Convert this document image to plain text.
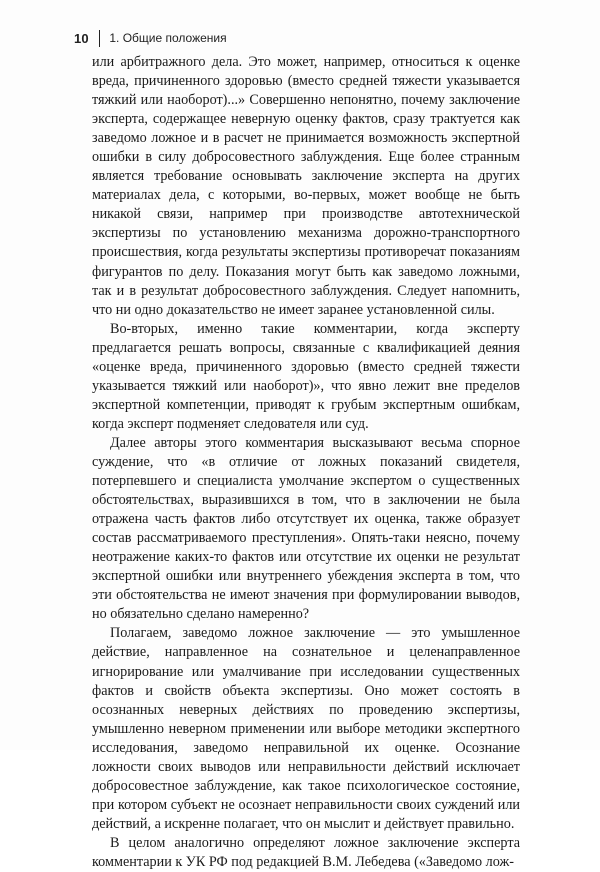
10 1. Общие положения

или арбитражного дела. Это может, например, относиться к оценке вреда, причиненного здоровью (вместо средней тяжести указывается тяжкий или наоборот)...» Совершенно непонятно, почему заключение эксперта, содержащее неверную оценку фактов, сразу трактуется как заведомо ложное и в расчет не принимается возможность экспертной ошибки в силу добросовестного заблуждения. Еще более странным является требование основывать заключение эксперта на других материалах дела, с которыми, во-первых, может вообще не быть никакой связи, например при производстве автотехнической экспертизы по установлению механизма дорожно-транспортного происшествия, когда результаты экспертизы противоречат показаниям фигурантов по делу. Показания могут быть как заведомо ложными, так и в результат добросовестного заблуждения. Следует напомнить, что ни одно доказательство не имеет заранее установленной силы.

Во-вторых, именно такие комментарии, когда эксперту предлагается решать вопросы, связанные с квалификацией деяния «оценке вреда, причиненного здоровью (вместо средней тяжести указывается тяжкий или наоборот)», что явно лежит вне пределов экспертной компетенции, приводят к грубым экспертным ошибкам, когда эксперт подменяет следователя или суд.

Далее авторы этого комментария высказывают весьма спорное суждение, что «в отличие от ложных показаний свидетеля, потерпевшего и специалиста умолчание экспертом о существенных обстоятельствах, выразившихся в том, что в заключении не была отражена часть фактов либо отсутствует их оценка, также образует состав рассматриваемого преступления». Опять-таки неясно, почему неотражение каких-то фактов или отсутствие их оценки не результат экспертной ошибки или внутреннего убеждения эксперта в том, что эти обстоятельства не имеют значения при формулировании выводов, но обязательно сделано намеренно?

Полагаем, заведомо ложное заключение — это умышленное действие, направленное на сознательное и целенаправленное игнорирование или умалчивание при исследовании существенных фактов и свойств объекта экспертизы. Оно может состоять в осознанных неверных действиях по проведению экспертизы, умышленно неверном применении или выборе методики экспертного исследования, заведомо неправильной их оценке. Осознание ложности своих выводов или неправильности действий исключает добросовестное заблуждение, как такое психологическое состояние, при котором субъект не осознает неправильности своих суждений или действий, а искренне полагает, что он мыслит и действует правильно.

В целом аналогично определяют ложное заключение эксперта комментарии к УК РФ под редакцией В.М. Лебедева («Заведомо лож-
